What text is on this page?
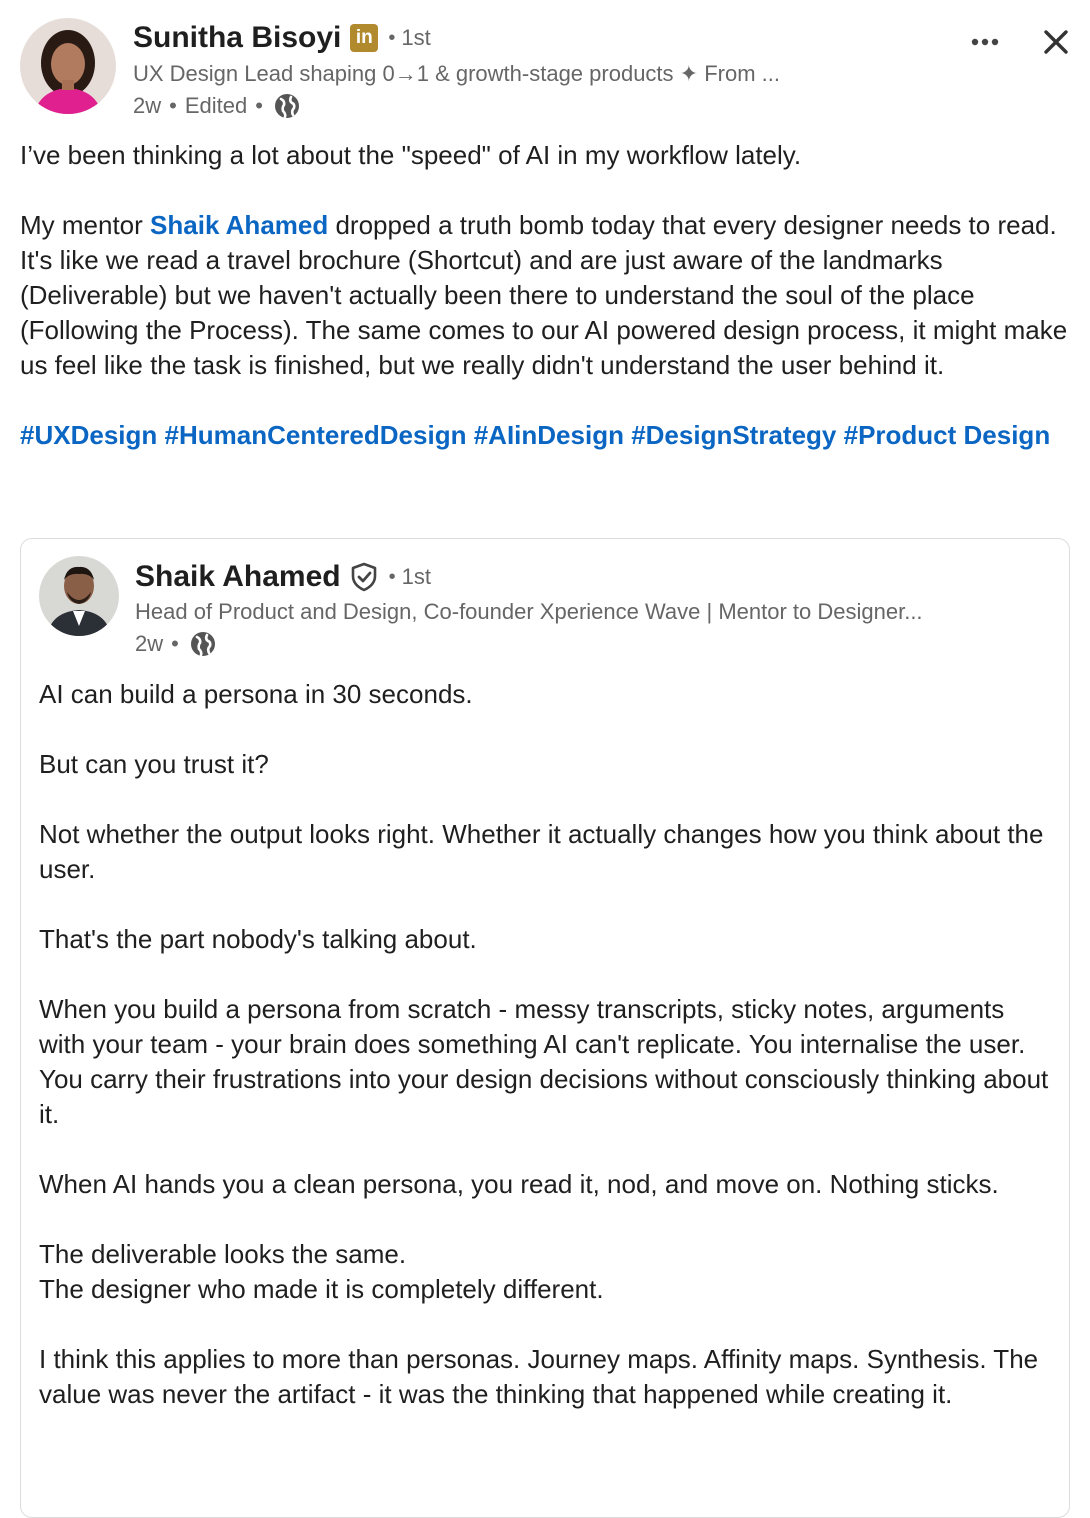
Sunitha Bisoyi in • 1st
UX Design Lead shaping 0→1 & growth-stage products ✦ From ...
2w • Edited •

I’ve been thinking a lot about the "speed" of AI in my workflow lately.

My mentor Shaik Ahamed dropped a truth bomb today that every designer needs to read. It's like we read a travel brochure (Shortcut) and are just aware of the landmarks (Deliverable) but we haven't actually been there to understand the soul of the place (Following the Process). The same comes to our AI powered design process, it might make us feel like the task is finished, but we really didn't understand the user behind it.

#UXDesign #HumanCenteredDesign #AIinDesign #DesignStrategy #Product Design

Shaik Ahamed • 1st
Head of Product and Design, Co-founder Xperience Wave | Mentor to Designer...
2w •

AI can build a persona in 30 seconds.

But can you trust it?

Not whether the output looks right. Whether it actually changes how you think about the user.

That's the part nobody's talking about.

When you build a persona from scratch - messy transcripts, sticky notes, arguments with your team - your brain does something AI can't replicate. You internalise the user. You carry their frustrations into your design decisions without consciously thinking about it.

When AI hands you a clean persona, you read it, nod, and move on. Nothing sticks.

The deliverable looks the same.
The designer who made it is completely different.

I think this applies to more than personas. Journey maps. Affinity maps. Synthesis. The value was never the artifact - it was the thinking that happened while creating it.
